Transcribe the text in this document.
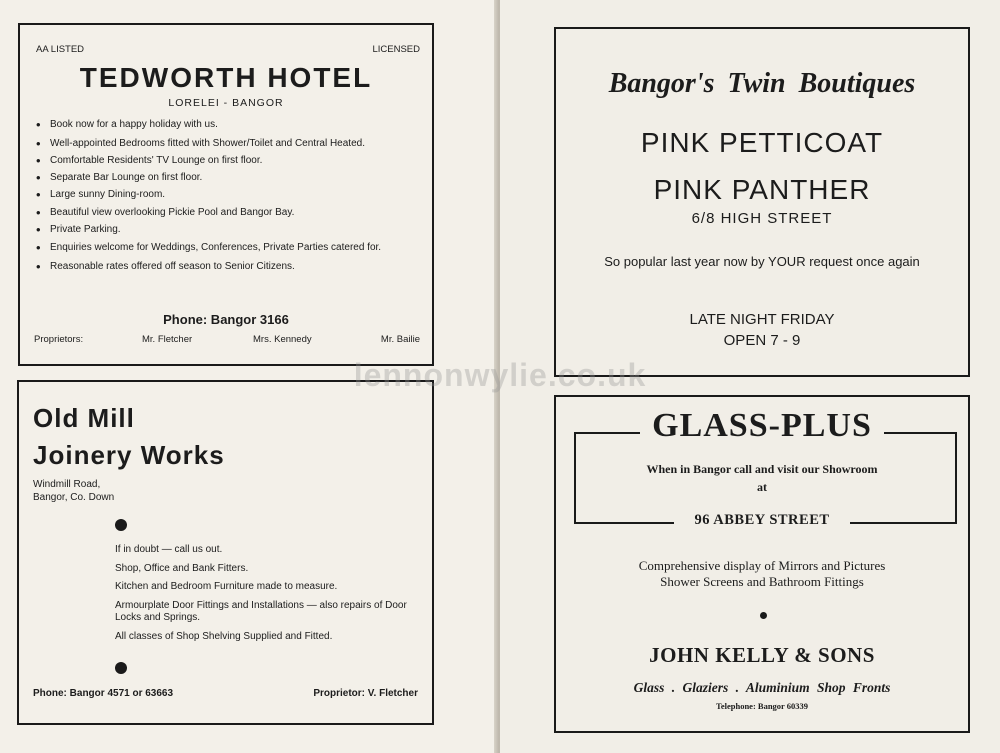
AA LISTED	LICENSED
TEDWORTH HOTEL
LORELEI - BANGOR
• Book now for a happy holiday with us.
• Well-appointed Bedrooms fitted with Shower/Toilet and Central Heated.
• Comfortable Residents' TV Lounge on first floor.
• Separate Bar Lounge on first floor.
• Large sunny Dining-room.
• Beautiful view overlooking Pickie Pool and Bangor Bay.
• Private Parking.
• Enquiries welcome for Weddings, Conferences, Private Parties catered for.
• Reasonable rates offered off season to Senior Citizens.
Phone: Bangor 3166
Proprietors:	Mr. Fletcher	Mrs. Kennedy	Mr. Bailie
Old Mill
Joinery Works
Windmill Road,
Bangor, Co. Down
If in doubt — call us out.
Shop, Office and Bank Fitters.
Kitchen and Bedroom Furniture made to measure.
Armourplate Door Fittings and Installations — also repairs of Door Locks and Springs.
All classes of Shop Shelving Supplied and Fitted.
Phone: Bangor 4571 or 63663	Proprietor: V. Fletcher
Bangor's Twin Boutiques
PINK PETTICOAT
PINK PANTHER
6/8 HIGH STREET
So popular last year now by YOUR request once again
LATE NIGHT FRIDAY
OPEN 7 - 9
GLASS-PLUS
When in Bangor call and visit our Showroom
at
96 ABBEY STREET
Comprehensive display of Mirrors and Pictures
Shower Screens and Bathroom Fittings
JOHN KELLY & SONS
Glass . Glaziers . Aluminium Shop Fronts
Telephone: Bangor 60339
lennonwylie.co.uk
